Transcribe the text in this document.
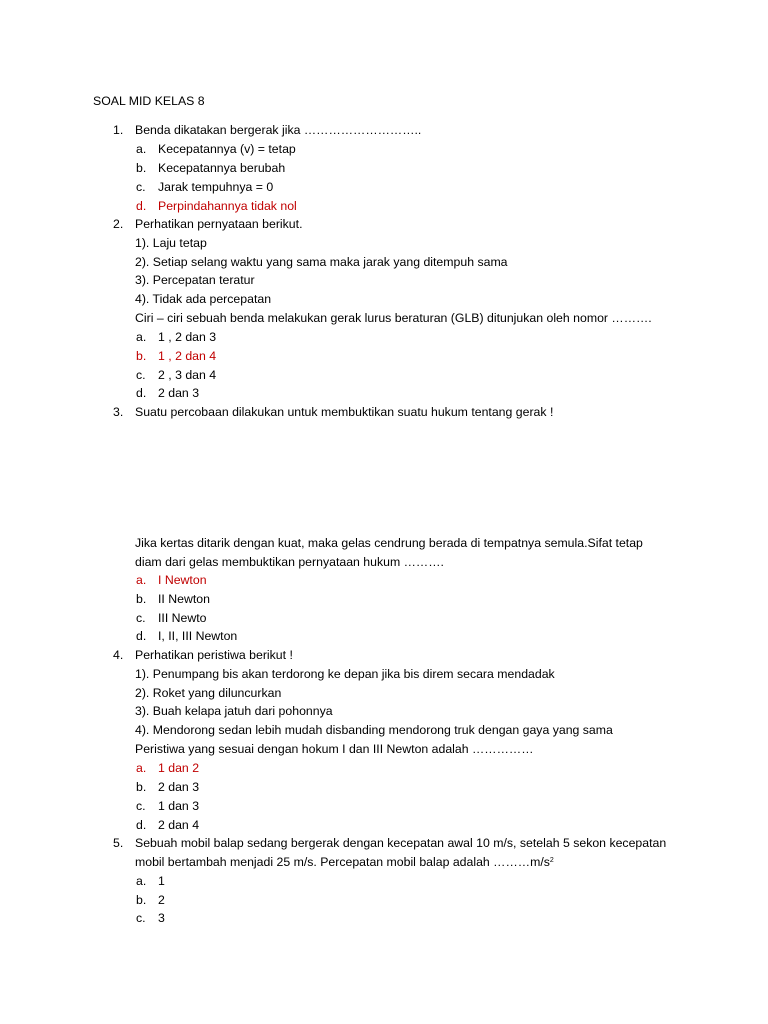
SOAL MID KELAS 8
1. Benda dikatakan bergerak jika ………………………..
a. Kecepatannya (v) = tetap
b. Kecepatannya berubah
c. Jarak tempuhnya = 0
d. Perpindahannya tidak nol
2. Perhatikan pernyataan berikut.
1). Laju tetap
2). Setiap selang waktu yang sama maka jarak yang ditempuh sama
3). Percepatan teratur
4). Tidak ada percepatan
Ciri – ciri sebuah benda melakukan gerak lurus beraturan (GLB) ditunjukan oleh nomor ……….
a. 1 , 2 dan 3
b. 1 , 2 dan 4
c. 2 , 3 dan 4
d. 2 dan 3
3. Suatu percobaan dilakukan untuk membuktikan suatu hukum tentang gerak !
Jika kertas ditarik dengan kuat, maka gelas cendrung berada di tempatnya semula.Sifat tetap
diam dari gelas membuktikan pernyataan hukum ……….
a. I Newton
b. II Newton
c. III Newto
d. I, II, III Newton
4. Perhatikan peristiwa berikut !
1). Penumpang bis akan terdorong ke depan jika bis direm secara mendadak
2). Roket yang diluncurkan
3). Buah kelapa jatuh dari pohonnya
4). Mendorong sedan lebih mudah disbanding mendorong truk dengan gaya yang sama
Peristiwa yang sesuai dengan hokum I dan III Newton adalah ……………
a. 1 dan 2
b. 2 dan 3
c. 1 dan 3
d. 2 dan 4
5. Sebuah mobil balap sedang bergerak dengan kecepatan awal 10 m/s, setelah 5 sekon kecepatan
mobil bertambah menjadi 25 m/s. Percepatan mobil balap adalah $\dots\dots\dots m/s^2$
a. 1
b. 2
c. 3
